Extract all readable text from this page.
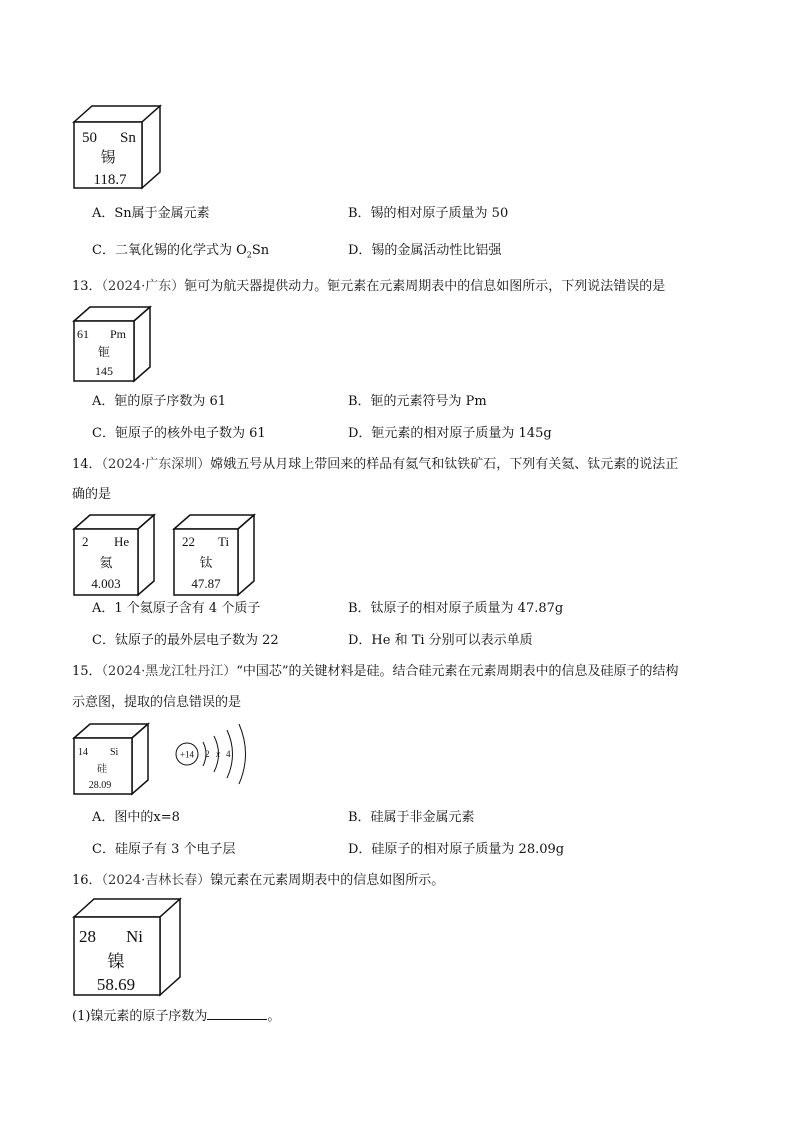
50 Sn
锡
118.7
A．Sn属于金属元素	B．锡的相对原子质量为 50
C．二氧化锡的化学式为 $O_2Sn$	D．锡的金属活动性比铝强
13．（2024·广东）钷可为航天器提供动力。钷元素在元素周期表中的信息如图所示，下列说法错误的是
61 Pm
钷
145
A．钷的原子序数为 61	B．钷的元素符号为 Pm
C．钷原子的核外电子数为 61	D．钷元素的相对原子质量为 145g
14．（2024·广东深圳）嫦娥五号从月球上带回来的样品有氦气和钛铁矿石，下列有关氦、钛元素的说法正
确的是
2 He
氦
4.003
22 Ti
钛
47.87
A．1 个氦原子含有 4 个质子	B．钛原子的相对原子质量为 47.87g
C．钛原子的最外层电子数为 22	D．He 和 Ti 分别可以表示单质
15．（2024·黑龙江牡丹江）“中国芯”的关键材料是硅。结合硅元素在元素周期表中的信息及硅原子的结构
示意图，提取的信息错误的是
14 Si
硅
28.09
+14 2 x 4
A．图中的x=8	B．硅属于非金属元素
C．硅原子有 3 个电子层	D．硅原子的相对原子质量为 28.09g
16．（2024·吉林长春）镍元素在元素周期表中的信息如图所示。
28 Ni
镍
58.69
(1)镍元素的原子序数为	。
